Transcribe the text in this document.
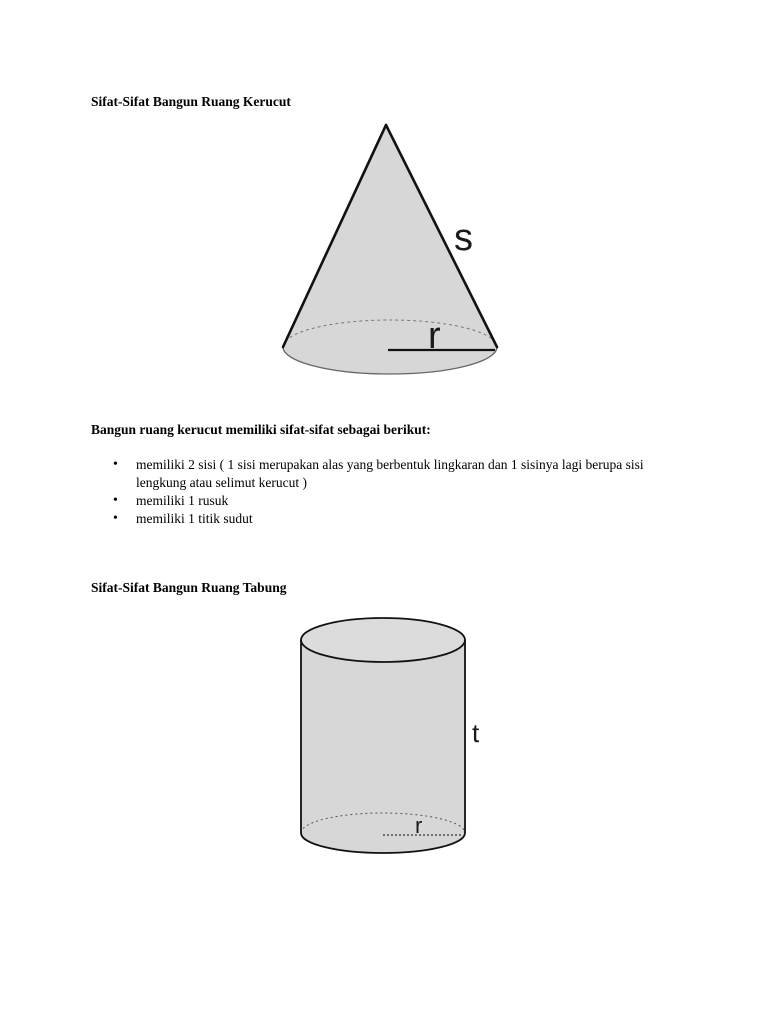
Sifat-Sifat Bangun Ruang Kerucut
s
r

Bangun ruang kerucut memiliki sifat-sifat sebagai berikut:

• memiliki 2 sisi ( 1 sisi merupakan alas yang berbentuk lingkaran dan 1 sisinya lagi berupa sisi lengkung atau selimut kerucut )
• memiliki 1 rusuk
• memiliki 1 titik sudut
Sifat-Sifat Bangun Ruang Tabung
t
r
